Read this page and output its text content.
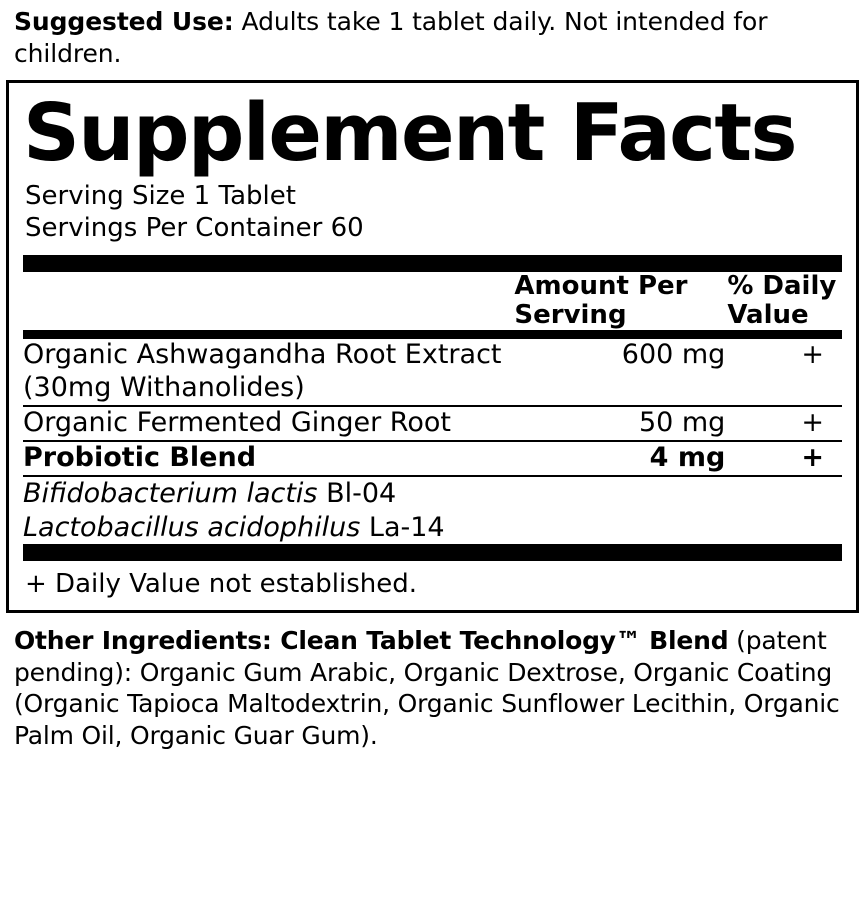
Suggested Use: Adults take 1 tablet daily. Not intended for children.
Supplement Facts
Serving Size 1 Tablet
Servings Per Container 60
	Amount Per Serving	% Daily Value
Organic Ashwagandha Root Extract (30mg Withanolides)	600 mg	+
Organic Fermented Ginger Root	50 mg	+
Probiotic Blend	4 mg	+

Bifidobacterium lactis Bl-04
Lactobacillus acidophilus La-14		
+ Daily Value not established.
Other Ingredients: Clean Tablet Technology™ Blend (patent pending): Organic Gum Arabic, Organic Dextrose, Organic Coating (Organic Tapioca Maltodextrin, Organic Sunflower Lecithin, Organic Palm Oil, Organic Guar Gum).
